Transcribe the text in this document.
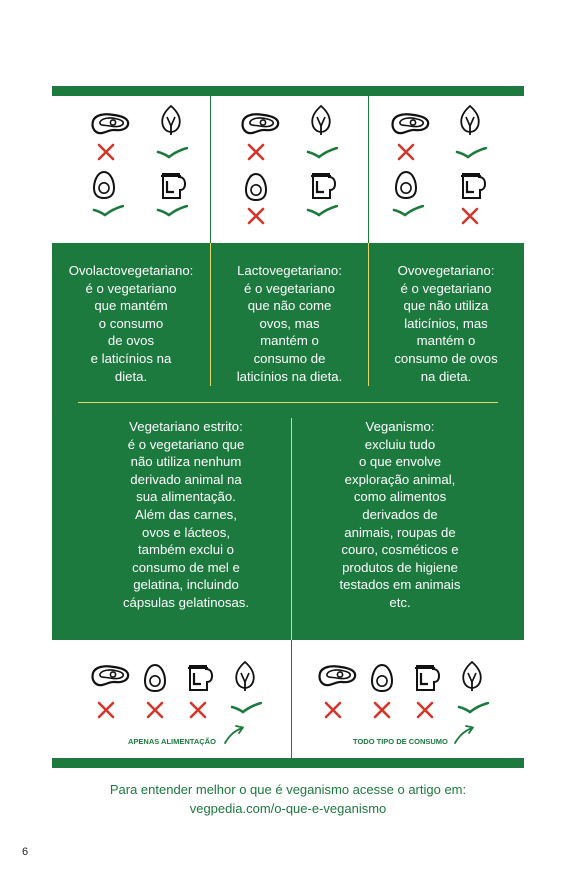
Ovolactovegetariano:
é o vegetariano
que mantém
o consumo
de ovos
e laticínios na
dieta.
Lactovegetariano:
é o vegetariano
que não come
ovos, mas
mantém o
consumo de
laticínios na dieta.
Ovovegetariano:
é o vegetariano
que não utiliza
laticínios, mas
mantém o
consumo de ovos
na dieta.
Vegetariano estrito:
é o vegetariano que
não utiliza nenhum
derivado animal na
sua alimentação.
Além das carnes,
ovos e lácteos,
também exclui o
consumo de mel e
gelatina, incluindo
cápsulas gelatinosas.
Veganismo:
excluiu tudo
o que envolve
exploração animal,
como alimentos
derivados de
animais, roupas de
couro, cosméticos e
produtos de higiene
testados em animais
etc.
APENAS ALIMENTAÇÃO	TODO TIPO DE CONSUMO
Para entender melhor o que é veganismo acesse o artigo em:
vegpedia.com/o-que-e-veganismo
6
